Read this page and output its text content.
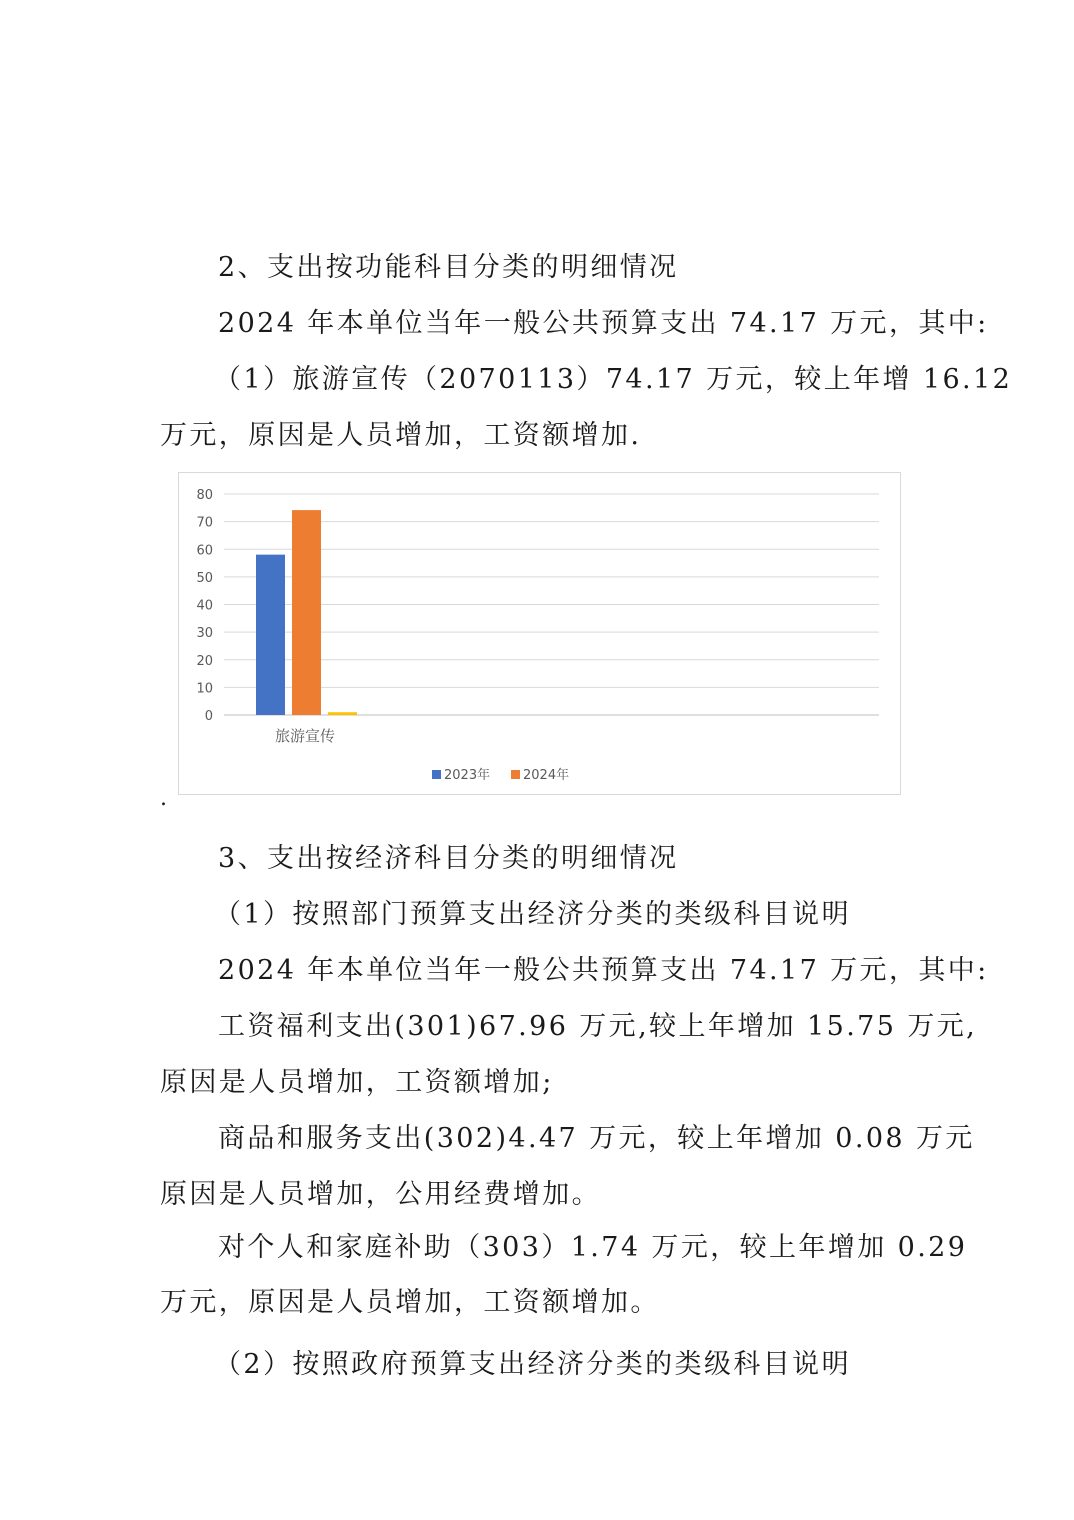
2、支出按功能科目分类的明细情况
2024 年本单位当年一般公共预算支出 74.17 万元，其中:
（1）旅游宣传（2070113）74.17 万元，较上年增 16.12
万元，原因是人员增加，工资额增加.
0
10
20
30
40
50
60
70
80
旅游宣传
2023年	2024年
.
3、支出按经济科目分类的明细情况
（1）按照部门预算支出经济分类的类级科目说明
2024 年本单位当年一般公共预算支出 74.17 万元，其中:
工资福利支出(301)67.96 万元,较上年增加 15.75 万元,
原因是人员增加，工资额增加;
商品和服务支出(302)4.47 万元，较上年增加 0.08 万元
原因是人员增加，公用经费增加。
对个人和家庭补助（303）1.74 万元，较上年增加 0.29
万元，原因是人员增加，工资额增加。
（2）按照政府预算支出经济分类的类级科目说明
